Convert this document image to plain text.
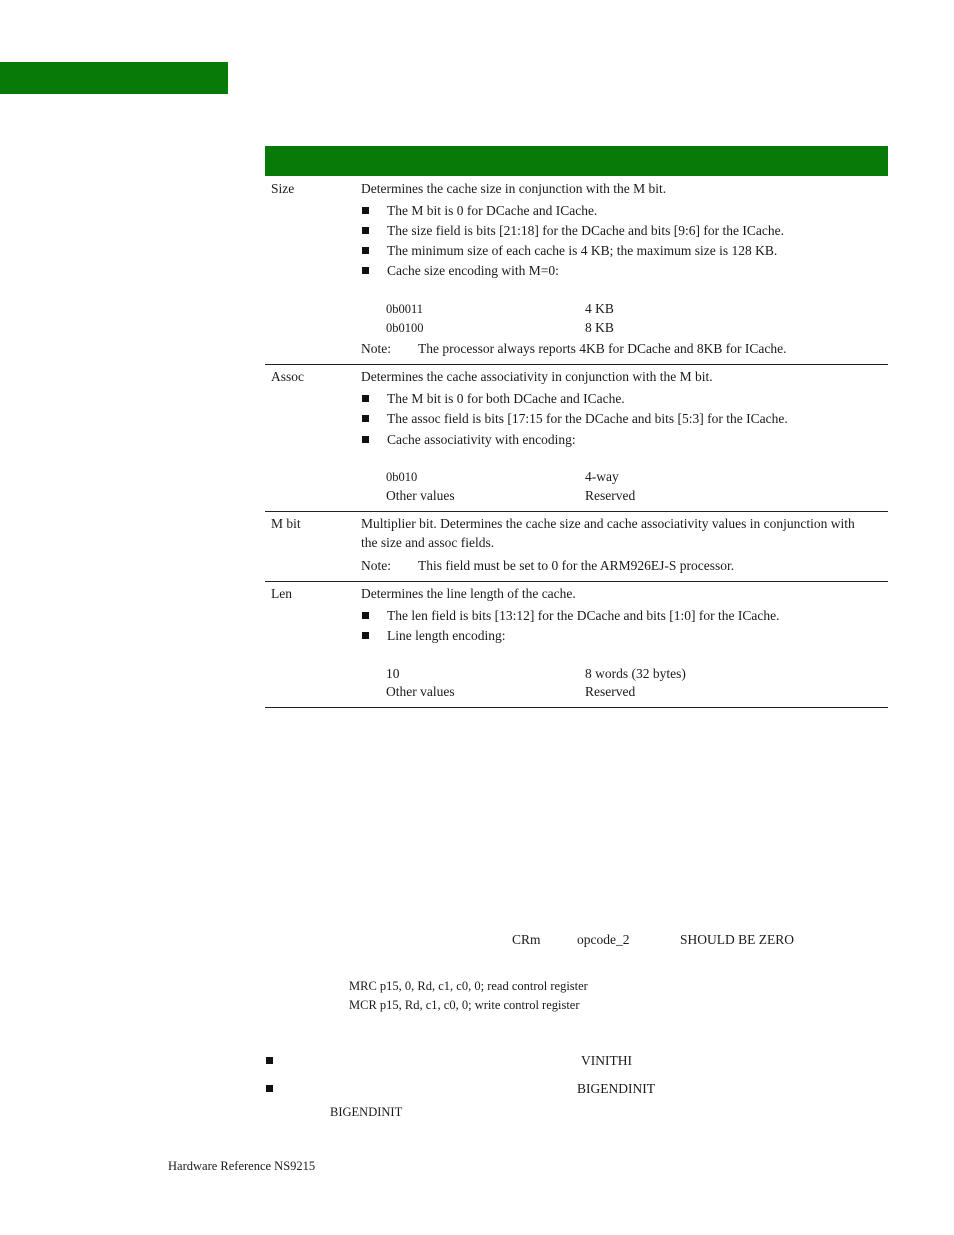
Size	Determines the cache size in conjunction with the M bit.
The M bit is 0 for DCache and ICache.
The size field is bits [21:18] for the DCache and bits [9:6] for the ICache.
The minimum size of each cache is 4 KB; the maximum size is 128 KB.
Cache size encoding with M=0:
0b0011	4 KB
0b0100	8 KB
Note: The processor always reports 4KB for DCache and 8KB for ICache.
Assoc	Determines the cache associativity in conjunction with the M bit.
The M bit is 0 for both DCache and ICache.
The assoc field is bits [17:15 for the DCache and bits [5:3] for the ICache.
Cache associativity with encoding:
0b010	4-way
Other values	Reserved
M bit	Multiplier bit. Determines the cache size and cache associativity values in conjunction with
the size and assoc fields.
Note: This field must be set to 0 for the ARM926EJ-S processor.
Len	Determines the line length of the cache.
The len field is bits [13:12] for the DCache and bits [1:0] for the ICache.
Line length encoding:
10	8 words (32 bytes)
Other values	Reserved
CRm	opcode_2	SHOULD BE ZERO
MRC p15, 0, Rd, c1, c0, 0; read control register
MCR p15, Rd, c1, c0, 0; write control register
VINITHI
BIGENDINIT
BIGENDINIT
Hardware Reference NS9215
